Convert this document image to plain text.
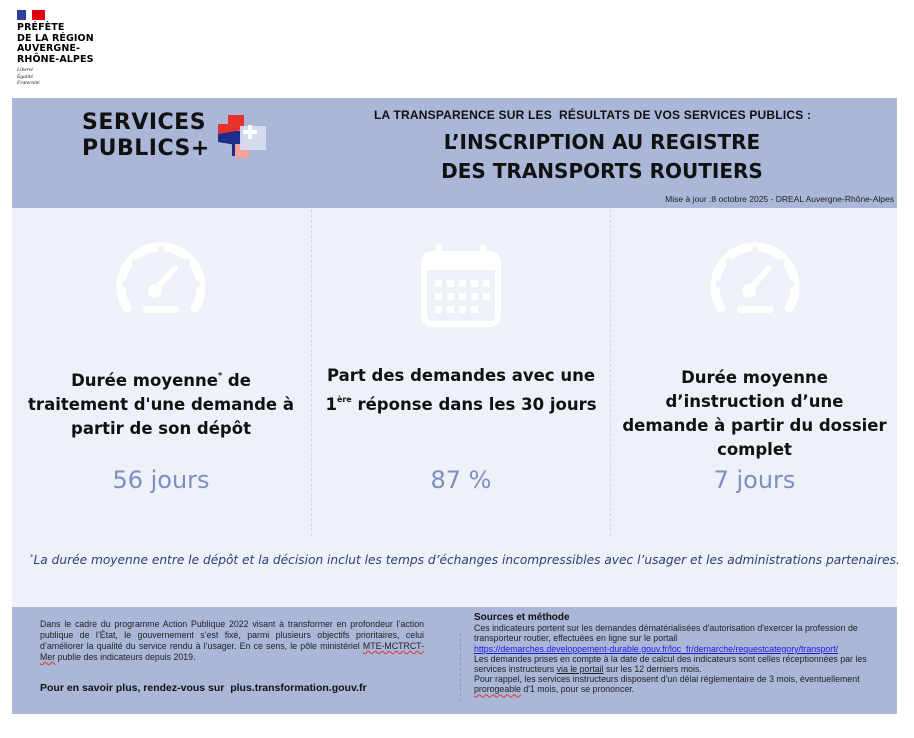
PRÉFÈTE
DE LA RÉGION
AUVERGNE-
RHÔNE-ALPES
Liberté
Égalité
Fraternité
SERVICES
PUBLICS+
LA TRANSPARENCE SUR LES  RÉSULTATS DE VOS SERVICES PUBLICS :
L’INSCRIPTION AU REGISTRE
DES TRANSPORTS ROUTIERS
Mise à jour :8 octobre 2025 - DREAL Auvergne-Rhône-Alpes
Durée moyenne* de traitement d'une demande à partir de son dépôt
56 jours
Part des demandes avec une 1ère réponse dans les 30 jours
87 %
Durée moyenne d’instruction d’une demande à partir du dossier complet
7 jours
*La durée moyenne entre le dépôt et la décision inclut les temps d’échanges incompressibles avec l’usager et les administrations partenaires.
Dans le cadre du programme Action Publique 2022 visant à transformer en profondeur l’action publique de l’État, le gouvernement s’est fixé, parmi plusieurs objectifs prioritaires, celui d’améliorer la qualité du service rendu à l’usager. En ce sens, le pôle ministériel MTE-MCTRCT-Mer publie des indicateurs depuis 2019.
Pour en savoir plus, rendez-vous sur  plus.transformation.gouv.fr
Sources et méthode
Ces indicateurs portent sur les demandes dématérialisées d'autorisation d'exercer la profession de transporteur routier, effectuées en ligne sur le portail
https://demarches.developpement-durable.gouv.fr/loc_fr/demarche/requestcategory/transport/
Les demandes prises en compte à la date de calcul des indicateurs sont celles réceptionnées par les services instructeurs via le portail sur les 12 derniers mois.
Pour rappel, les services instructeurs disposent d'un délai réglementaire de 3 mois, éventuellement prorogeable d'1 mois, pour se prononcer.
